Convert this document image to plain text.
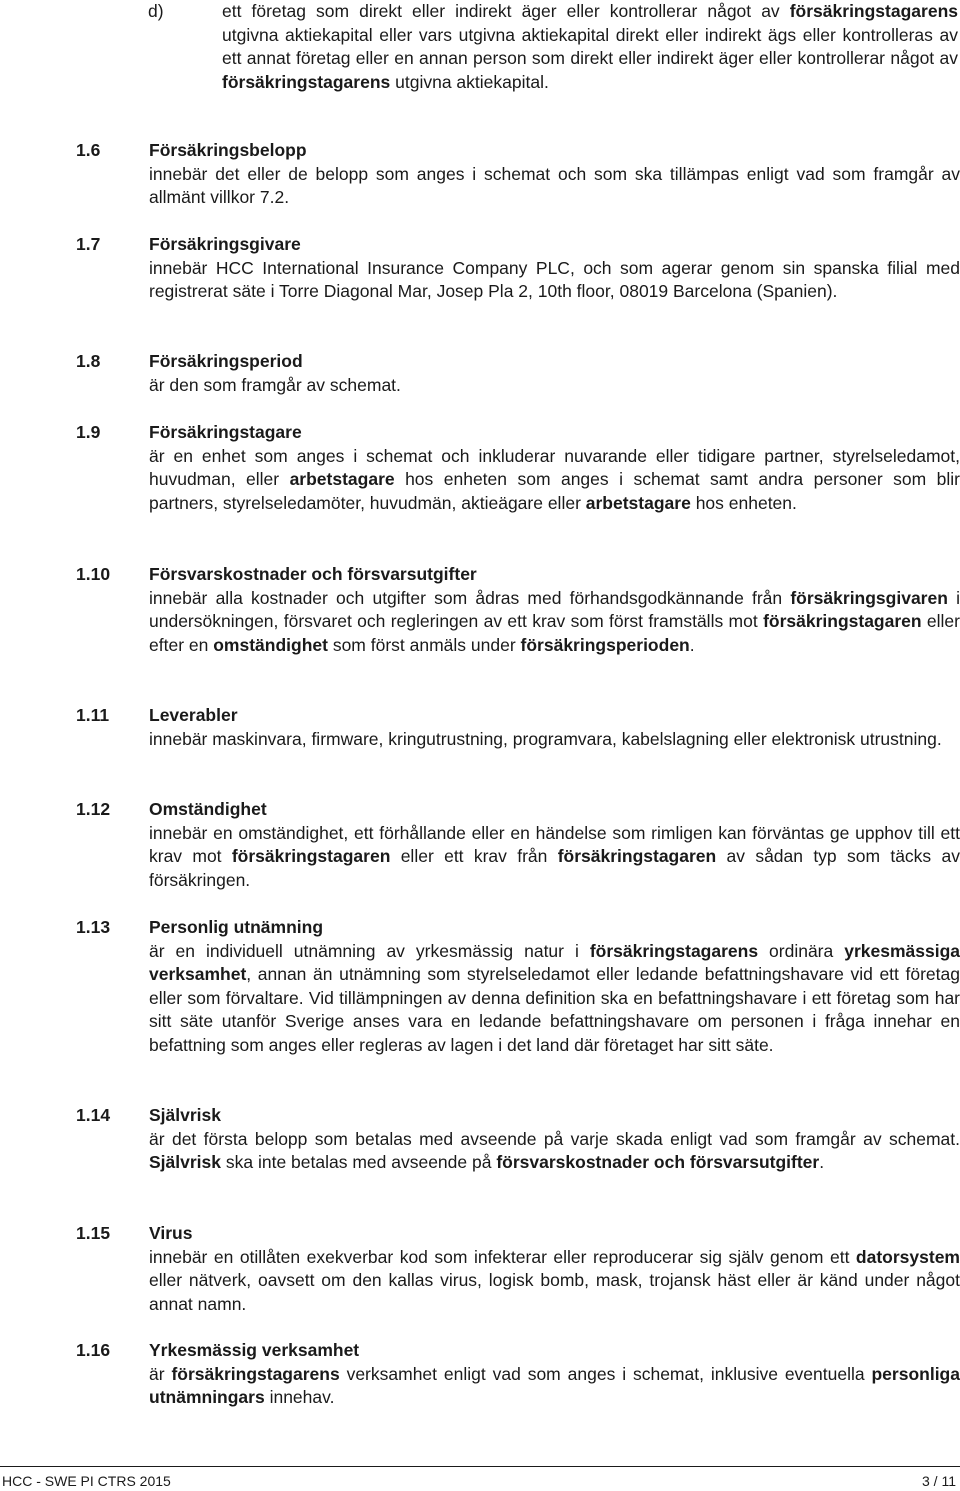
d)	ett företag som direkt eller indirekt äger eller kontrollerar något av försäkringstagarens utgivna aktiekapital eller vars utgivna aktiekapital direkt eller indirekt ägs eller kontrolleras av ett annat företag eller en annan person som direkt eller indirekt äger eller kontrollerar något av försäkringstagarens utgivna aktiekapital.
1.6	Försäkringsbelopp
innebär det eller de belopp som anges i schemat och som ska tillämpas enligt vad som framgår av allmänt villkor 7.2.
1.7	Försäkringsgivare
innebär HCC International Insurance Company PLC, och som agerar genom sin spanska filial med registrerat säte i Torre Diagonal Mar, Josep Pla 2, 10th floor, 08019 Barcelona (Spanien).
1.8	Försäkringsperiod
är den som framgår av schemat.
1.9	Försäkringstagare
är en enhet som anges i schemat och inkluderar nuvarande eller tidigare partner, styrelseledamot, huvudman, eller arbetstagare hos enheten som anges i schemat samt andra personer som blir partners, styrelseledamöter, huvudmän, aktieägare eller arbetstagare hos enheten.
1.10 Försvarskostnader och försvarsutgifter
innebär alla kostnader och utgifter som ådras med förhandsgodkännande från försäkringsgivaren i undersökningen, försvaret och regleringen av ett krav som först framställs mot försäkringstagaren eller efter en omständighet som först anmäls under försäkringsperioden.
1.11 Leverabler
innebär maskinvara, firmware, kringutrustning, programvara, kabelslagning eller elektronisk utrustning.
1.12 Omständighet
innebär en omständighet, ett förhållande eller en händelse som rimligen kan förväntas ge upphov till ett krav mot försäkringstagaren eller ett krav från försäkringstagaren av sådan typ som täcks av försäkringen.
1.13 Personlig utnämning
är en individuell utnämning av yrkesmässig natur i försäkringstagarens ordinära yrkesmässiga verksamhet, annan än utnämning som styrelseledamot eller ledande befattningshavare vid ett företag eller som förvaltare. Vid tillämpningen av denna definition ska en befattningshavare i ett företag som har sitt säte utanför Sverige anses vara en ledande befattningshavare om personen i fråga innehar en befattning som anges eller regleras av lagen i det land där företaget har sitt säte.
1.14 Självrisk
är det första belopp som betalas med avseende på varje skada enligt vad som framgår av schemat. Självrisk ska inte betalas med avseende på försvarskostnader och försvarsutgifter.
1.15 Virus
innebär en otillåten exekverbar kod som infekterar eller reproducerar sig själv genom ett datorsystem eller nätverk, oavsett om den kallas virus, logisk bomb, mask, trojansk häst eller är känd under något annat namn.
1.16 Yrkesmässig verksamhet
är försäkringstagarens verksamhet enligt vad som anges i schemat, inklusive eventuella personliga utnämningars innehav.
HCC - SWE PI CTRS 2015	3 / 11
